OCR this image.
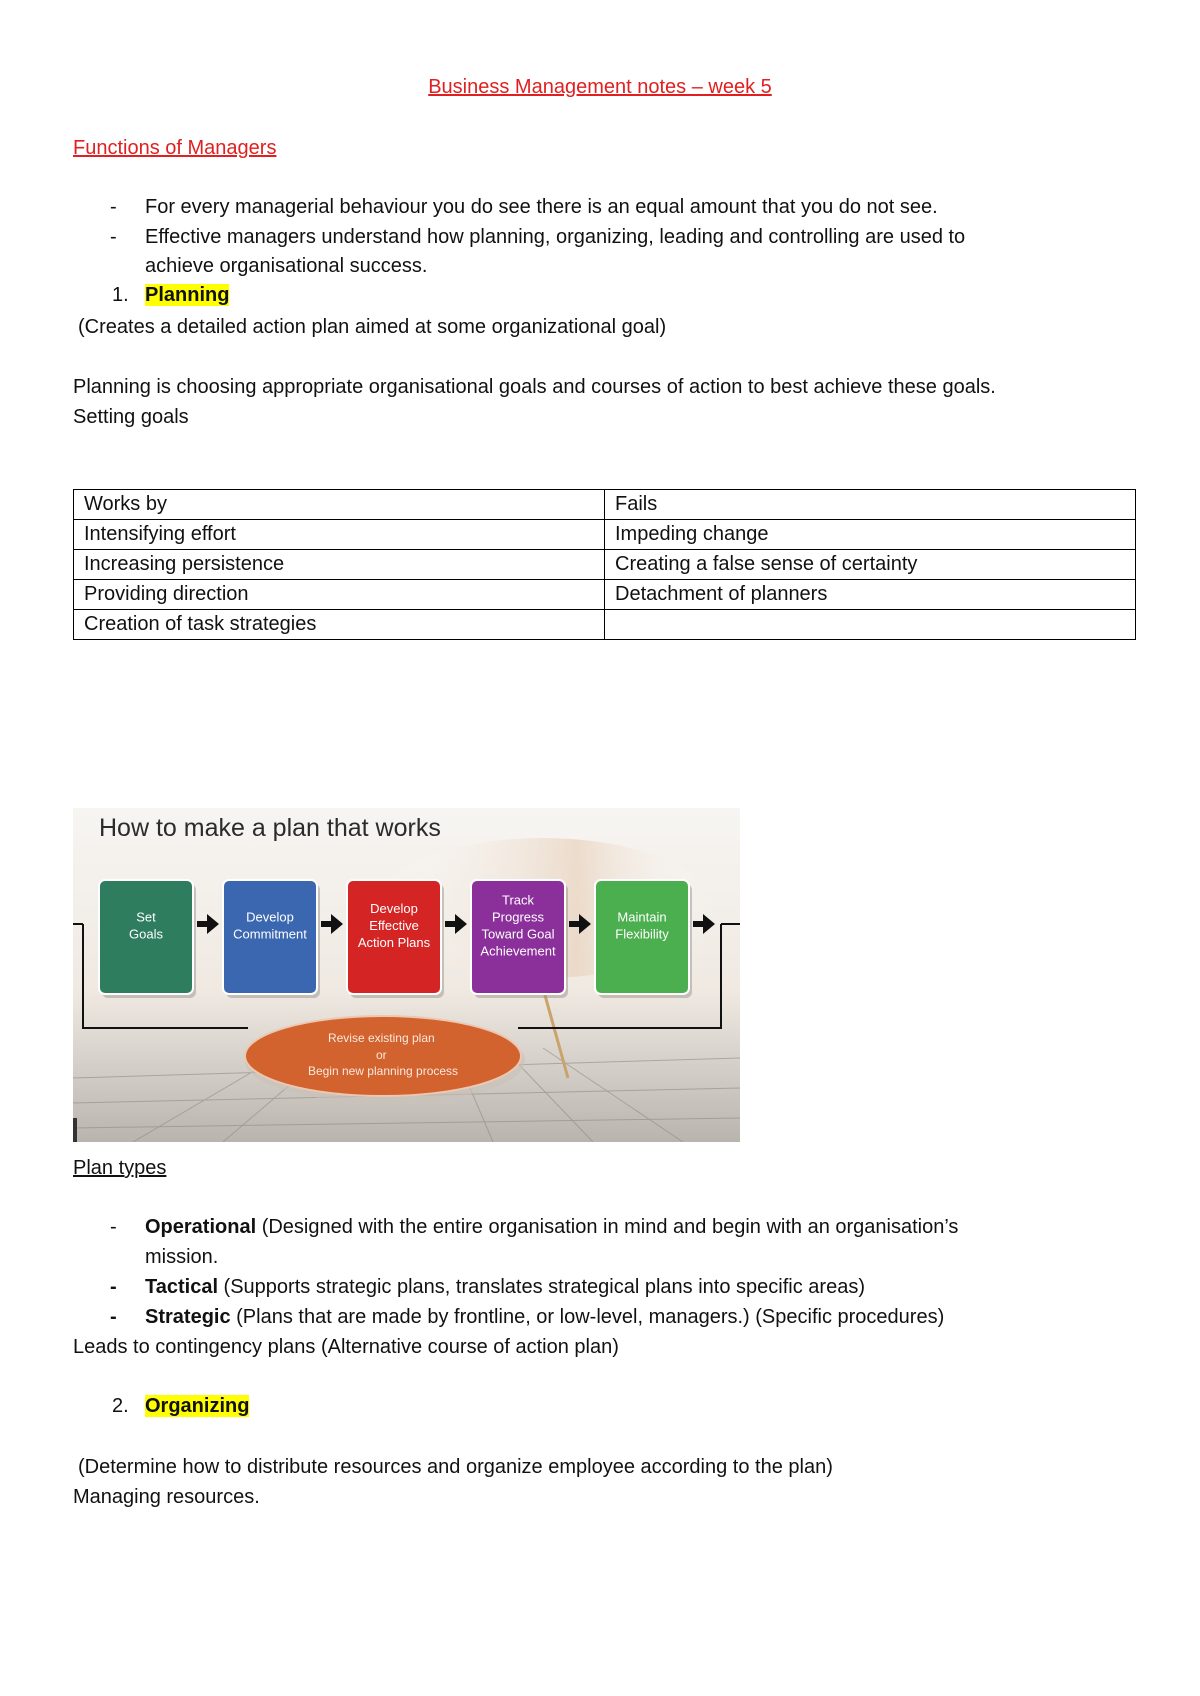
Business Management notes – week 5
Functions of Managers
- For every managerial behaviour you do see there is an equal amount that you do not see.
- Effective managers understand how planning, organizing, leading and controlling are used to
achieve organisational success.
1. Planning
(Creates a detailed action plan aimed at some organizational goal)
Planning is choosing appropriate organisational goals and courses of action to best achieve these goals.
Setting goals
Works by	Fails
Intensifying effort	Impeding change
Increasing persistence	Creating a false sense of certainty
Providing direction	Detachment of planners
Creation of task strategies	
How to make a plan that works
Set Goals
Develop Commitment
Develop Effective Action Plans
Track Progress Toward Goal Achievement
Maintain Flexibility
Revise existing plan or Begin new planning process
Plan types
- Operational (Designed with the entire organisation in mind and begin with an organisation’s
mission.
- Tactical (Supports strategic plans, translates strategical plans into specific areas)
- Strategic (Plans that are made by frontline, or low-level, managers.) (Specific procedures)
Leads to contingency plans (Alternative course of action plan)
2. Organizing
(Determine how to distribute resources and organize employee according to the plan)
Managing resources.
